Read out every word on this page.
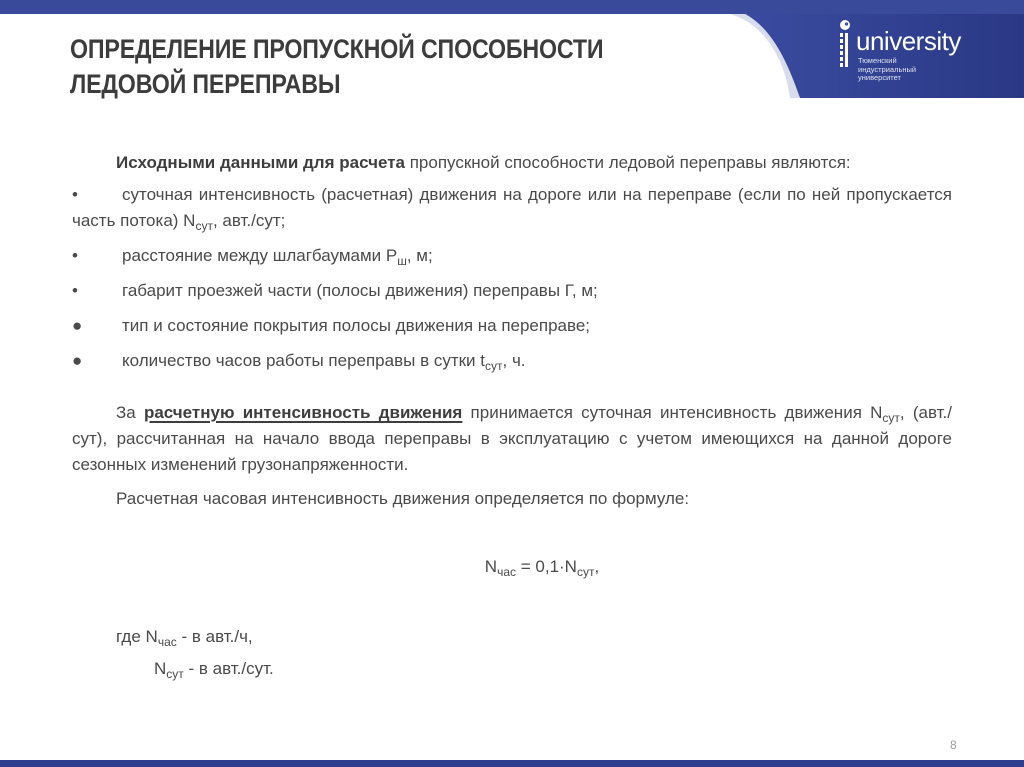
university
Тюменский
индустриальный
университет
ОПРЕДЕЛЕНИЕ ПРОПУСКНОЙ СПОСОБНОСТИ
ЛЕДОВОЙ ПЕРЕПРАВЫ

Исходными данными для расчета пропускной способности ледовой переправы являются:

•	суточная интенсивность (расчетная) движения на дороге или на переправе (если по ней пропускается часть потока) $N_{сут}$, авт./сут;
•	расстояние между шлагбаумами $Р_ш$, м;
•	габарит проезжей части (полосы движения) переправы Г, м;
● тип и состояние покрытия полосы движения на переправе;
● количество часов работы переправы в сутки $t_{сут}$, ч.

За расчетную интенсивность движения принимается суточная интенсивность движения $N_{сут}$, (авт./сут), рассчитанная на начало ввода переправы в эксплуатацию с учетом имеющихся на данной дороге сезонных изменений грузонапряженности.

Расчетная часовая интенсивность движения определяется по формуле:

$N_{час} = 0,1\cdot N_{сут}$,

где $N_{час}$ - в авт./ч,

$N_{сут}$ - в авт./сут.

8
